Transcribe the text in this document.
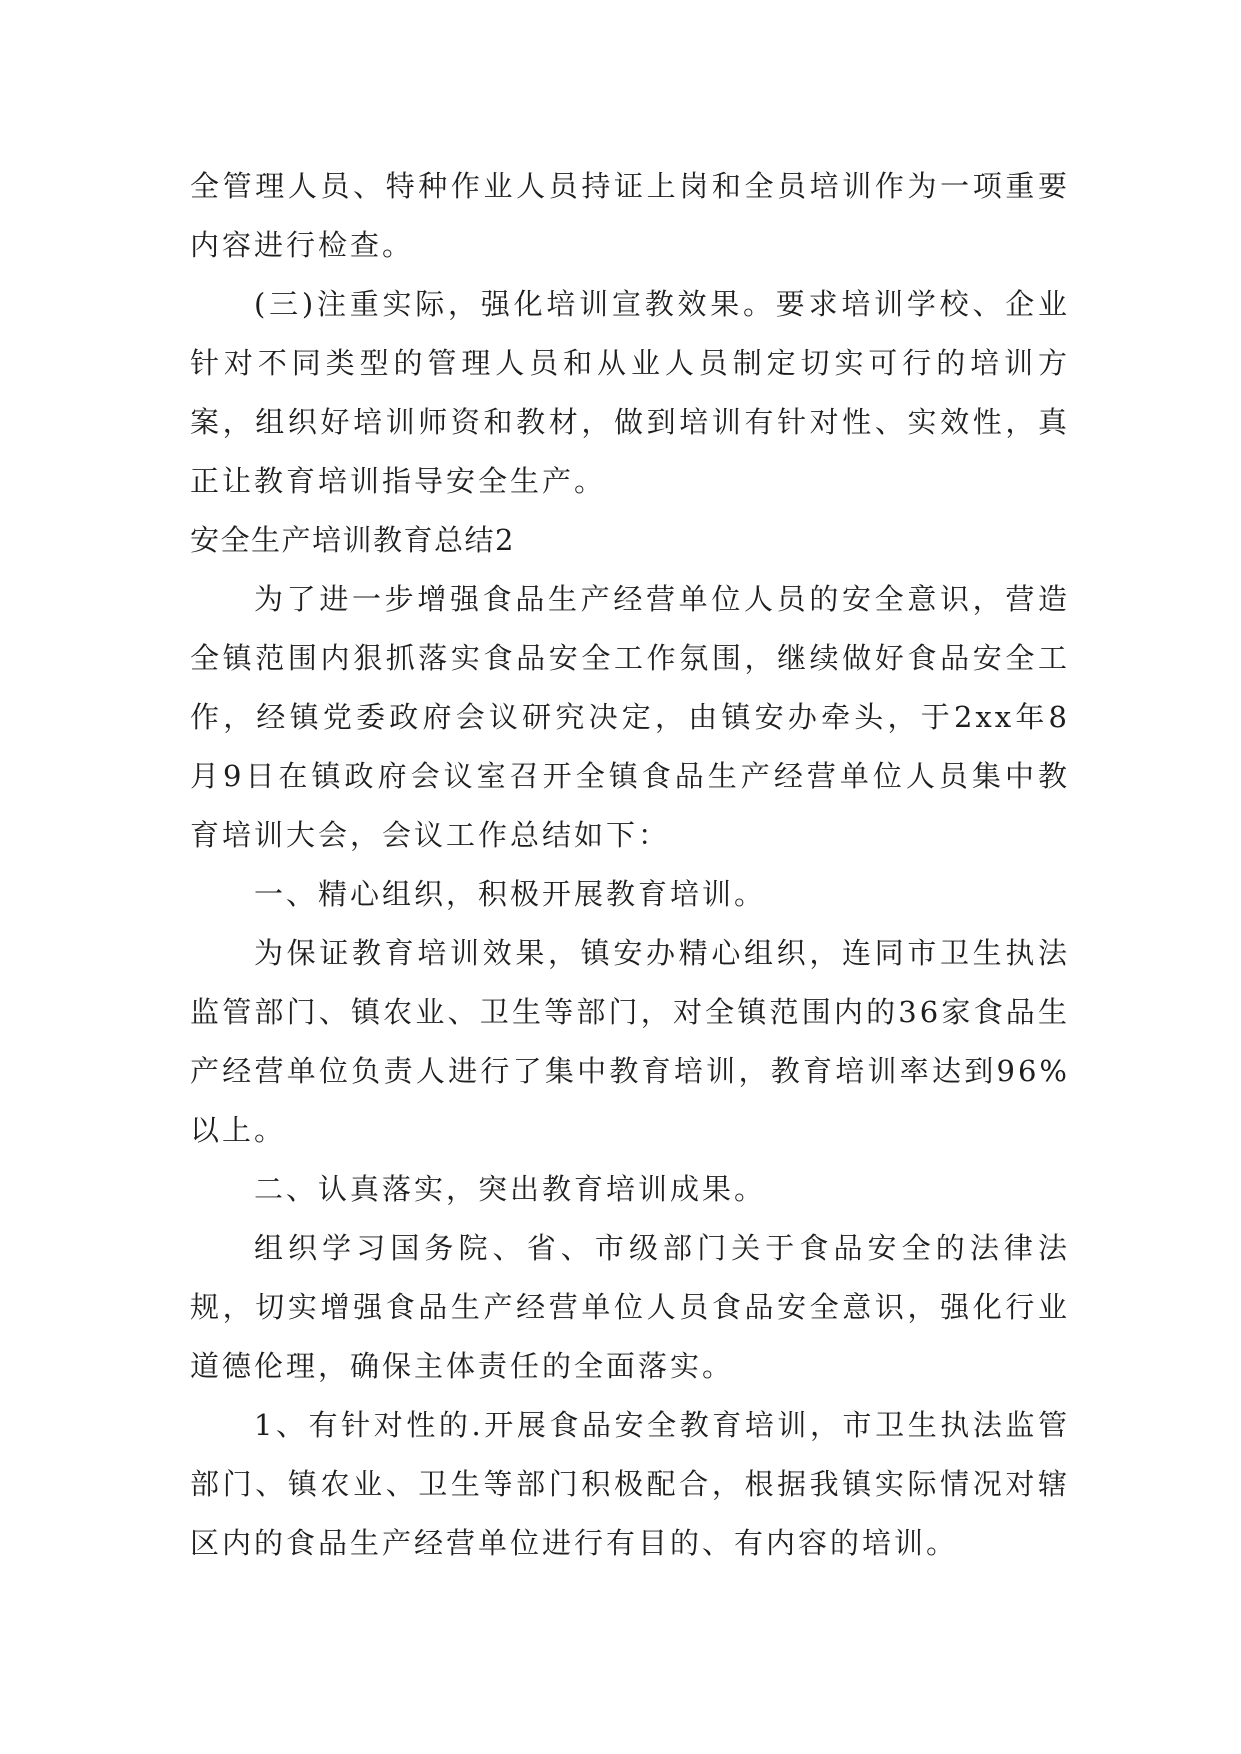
全管理人员、特种作业人员持证上岗和全员培训作为一项重要内容进行检查。

(三)注重实际，强化培训宣教效果。要求培训学校、企业针对不同类型的管理人员和从业人员制定切实可行的培训方案，组织好培训师资和教材，做到培训有针对性、实效性，真正让教育培训指导安全生产。

安全生产培训教育总结2

为了进一步增强食品生产经营单位人员的安全意识，营造全镇范围内狠抓落实食品安全工作氛围，继续做好食品安全工作，经镇党委政府会议研究决定，由镇安办牵头，于2xx年8月9日在镇政府会议室召开全镇食品生产经营单位人员集中教育培训大会，会议工作总结如下：

一、精心组织，积极开展教育培训。

为保证教育培训效果，镇安办精心组织，连同市卫生执法监管部门、镇农业、卫生等部门，对全镇范围内的36家食品生产经营单位负责人进行了集中教育培训，教育培训率达到96%以上。

二、认真落实，突出教育培训成果。

组织学习国务院、省、市级部门关于食品安全的法律法规，切实增强食品生产经营单位人员食品安全意识，强化行业道德伦理，确保主体责任的全面落实。

1、有针对性的.开展食品安全教育培训，市卫生执法监管部门、镇农业、卫生等部门积极配合，根据我镇实际情况对辖区内的食品生产经营单位进行有目的、有内容的培训。
